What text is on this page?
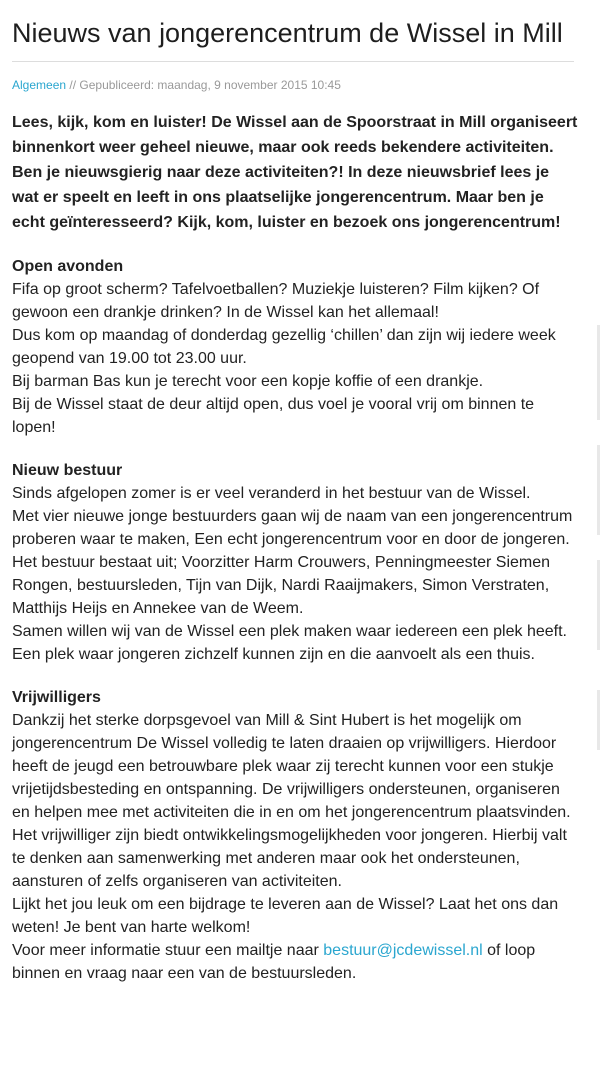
Nieuws van jongerencentrum de Wissel in Mill
Algemeen // Gepubliceerd: maandag, 9 november 2015 10:45

Lees, kijk, kom en luister! De Wissel aan de Spoorstraat in Mill organiseert binnenkort weer geheel nieuwe, maar ook reeds bekendere activiteiten. Ben je nieuwsgierig naar deze activiteiten?! In deze nieuwsbrief lees je wat er speelt en leeft in ons plaatselijke jongerencentrum. Maar ben je echt geïnteresseerd? Kijk, kom, luister en bezoek ons jongerencentrum!

Open avonden

Fifa op groot scherm? Tafelvoetballen? Muziekje luisteren? Film kijken? Of gewoon een drankje drinken? In de Wissel kan het allemaal!

Dus kom op maandag of donderdag gezellig ‘chillen’ dan zijn wij iedere week geopend van 19.00 tot 23.00 uur.

Bij barman Bas kun je terecht voor een kopje koffie of een drankje.

Bij de Wissel staat de deur altijd open, dus voel je vooral vrij om binnen te lopen!

Nieuw bestuur

Sinds afgelopen zomer is er veel veranderd in het bestuur van de Wissel.

Met vier nieuwe jonge bestuurders gaan wij de naam van een jongerencentrum proberen waar te maken, Een echt jongerencentrum voor en door de jongeren.

Het bestuur bestaat uit; Voorzitter Harm Crouwers, Penningmeester Siemen Rongen, bestuursleden, Tijn van Dijk, Nardi Raaijmakers, Simon Verstraten, Matthijs Heijs en Annekee van de Weem.

Samen willen wij van de Wissel een plek maken waar iedereen een plek heeft. Een plek waar jongeren zichzelf kunnen zijn en die aanvoelt als een thuis.

Vrijwilligers

Dankzij het sterke dorpsgevoel van Mill & Sint Hubert is het mogelijk om jongerencentrum De Wissel volledig te laten draaien op vrijwilligers. Hierdoor heeft de jeugd een betrouwbare plek waar zij terecht kunnen voor een stukje vrijetijdsbesteding en ontspanning. De vrijwilligers ondersteunen, organiseren en helpen mee met activiteiten die in en om het jongerencentrum plaatsvinden.

Het vrijwilliger zijn biedt ontwikkelingsmogelijkheden voor jongeren. Hierbij valt te denken aan samenwerking met anderen maar ook het ondersteunen, aansturen of zelfs organiseren van activiteiten.

Lijkt het jou leuk om een bijdrage te leveren aan de Wissel? Laat het ons dan weten! Je bent van harte welkom!

Voor meer informatie stuur een mailtje naar bestuur@jcdewissel.nl of loop binnen en vraag naar een van de bestuursleden.
